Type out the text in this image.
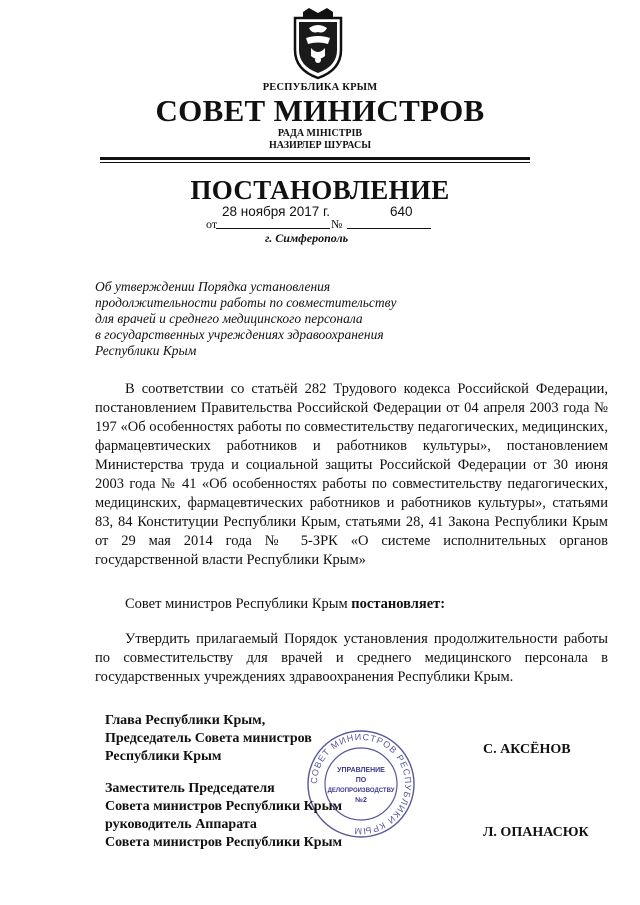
РЕСПУБЛИКА КРЫМ
СОВЕТ МИНИСТРОВ
РАДА МІНІСТРІВ
НАЗИРЛЕР ШУРАСЫ
ПОСТАНОВЛЕНИЕ
от
28 ноября 2017 г.
№
640
г. Симферополь
Об утверждении Порядка установления
продолжительности работы по совместительству
для врачей и среднего медицинского персонала
в государственных учреждениях здравоохранения
Республики Крым
В соответствии со статьёй 282 Трудового кодекса Российской Федерации, постановлением Правительства Российской Федерации от 04 апреля 2003 года № 197 «Об особенностях работы по совместительству педагогических, медицинских, фармацевтических работников и работников культуры», постановлением Министерства труда и социальной защиты Российской Федерации от 30 июня 2003 года № 41 «Об особенностях работы по совместительству педагогических, медицинских, фармацевтических работников и работников культуры», статьями 83, 84 Конституции Республики Крым, статьями 28, 41 Закона Республики Крым от 29 мая 2014 года № 5-ЗРК «О системе исполнительных органов государственной власти Республики Крым»
Совет министров Республики Крым постановляет:
Утвердить прилагаемый Порядок установления продолжительности работы по совместительству для врачей и среднего медицинского персонала в государственных учреждениях здравоохранения Республики Крым.
СОВЕТ МИНИСТРОВ РЕСПУБЛИКИ КРЫМ
УПРАВЛЕНИЕ
ПО
ДЕЛОПРОИЗВОДСТВУ
№2
Глава Республики Крым,
Председатель Совета министров
Республики Крым	С. АКСЁНОВ
Заместитель Председателя
Совета министров Республики Крым
руководитель Аппарата
Совета министров Республики Крым
Л. ОПАНАСЮК
